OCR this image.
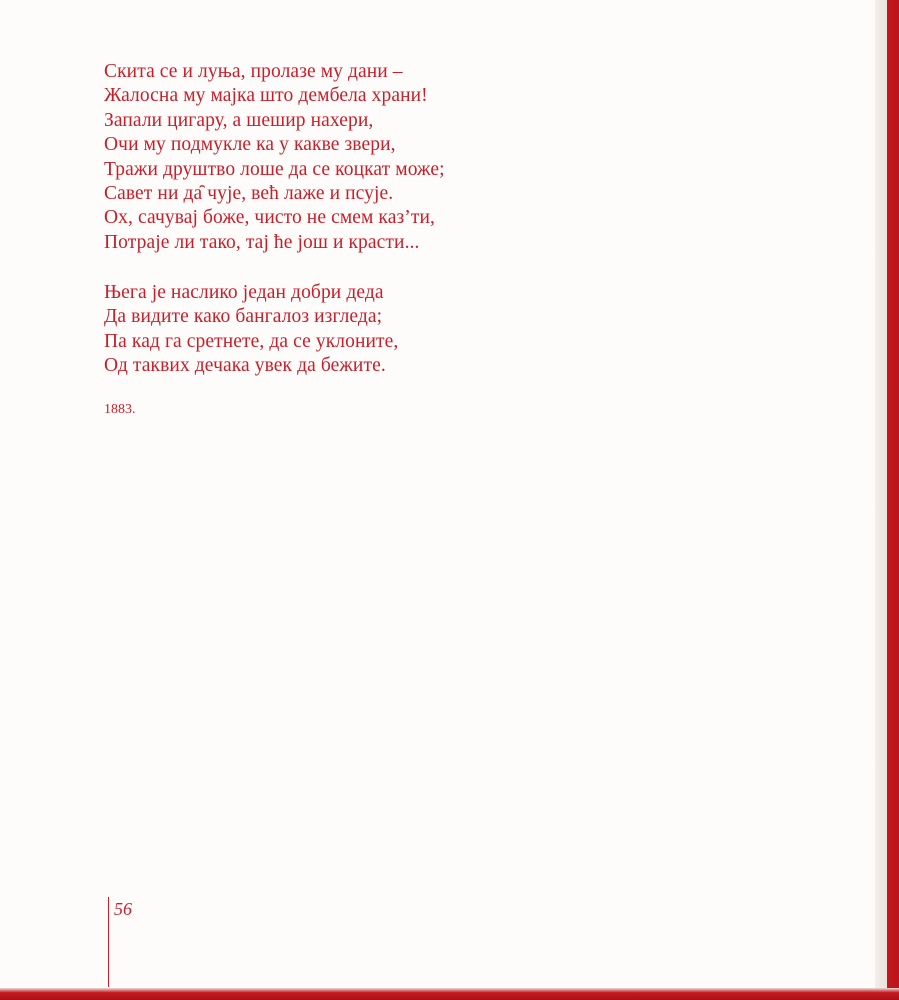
Скита се и луња, пролазе му дани –
Жалосна му мајка што дембела храни!
Запали цигару, а шешир нахери,
Очи му подмукле ка у какве звери,
Тражи друштво лоше да се коцкат може;
Савет ни да̑ чује, већ лаже и псује.
Ох, сачувај боже, чисто не смем каз’ти,
Потраје ли тако, тај ће још и красти...
Њега је наслико један добри деда
Да видите како бангалоз изгледа;
Па кад га сретнете, да се уклоните,
Од таквих дечака увек да бежите.
1883.
56
